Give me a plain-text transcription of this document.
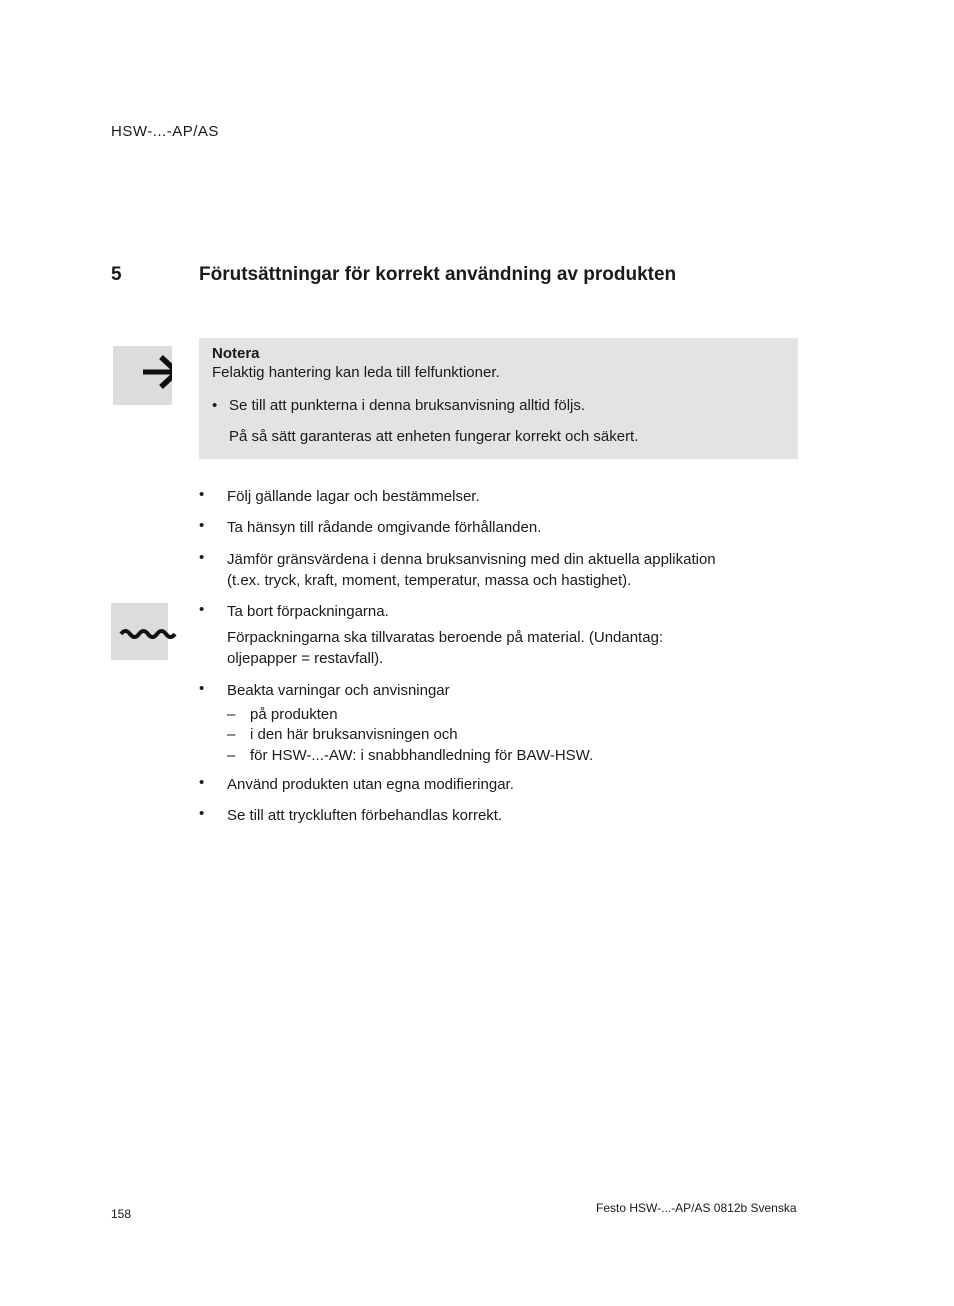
HSW-...-AP/AS
5	Förutsättningar för korrekt användning av produkten
Notera
Felaktig hantering kan leda till felfunktioner.
• Se till att punkterna i denna bruksanvisning alltid följs.
På så sätt garanteras att enheten fungerar korrekt och säkert.
• Följ gällande lagar och bestämmelser.
• Ta hänsyn till rådande omgivande förhållanden.
• Jämför gränsvärdena i denna bruksanvisning med din aktuella applikation
(t.ex. tryck, kraft, moment, temperatur, massa och hastighet).
• Ta bort förpackningarna.
Förpackningarna ska tillvaratas beroende på material. (Undantag:
oljepapper = restavfall).
• Beakta varningar och anvisningar
– på produkten
– i den här bruksanvisningen och
– för HSW-...-AW: i snabbhandledning för BAW-HSW.
• Använd produkten utan egna modifieringar.
• Se till att tryckluften förbehandlas korrekt.
158	Festo HSW-...-AP/AS 0812b Svenska
